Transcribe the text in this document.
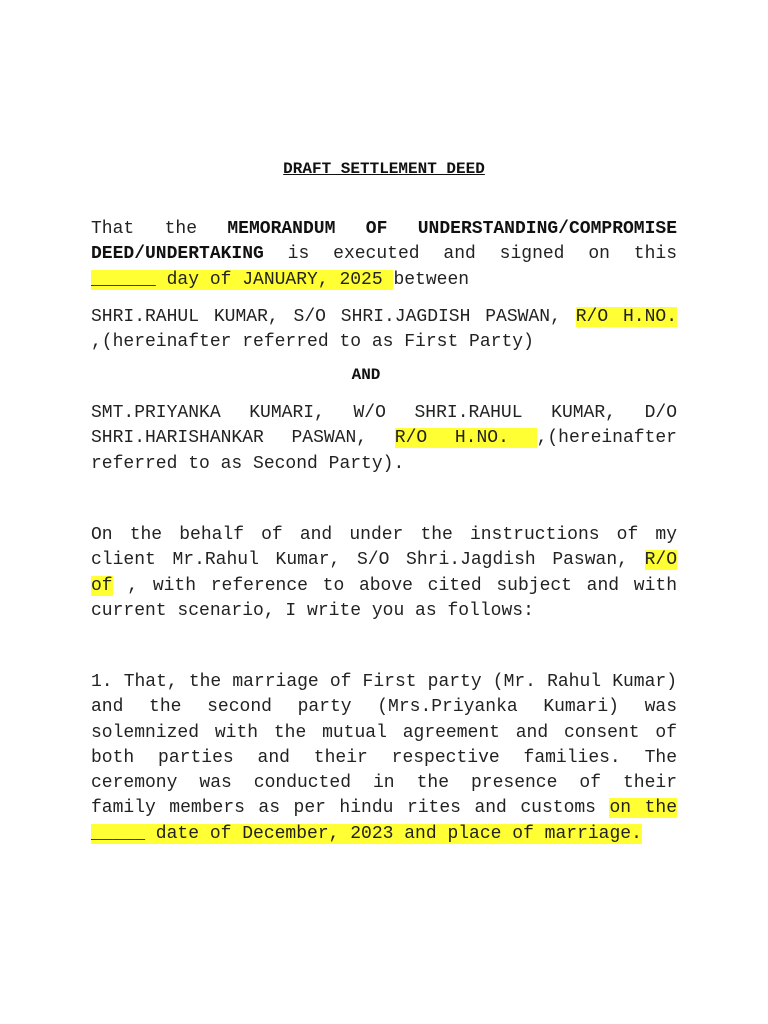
DRAFT SETTLEMENT DEED
That the MEMORANDUM OF UNDERSTANDING/COMPROMISE
DEED/UNDERTAKING is executed and signed on this
______ day of JANUARY, 2025 between
SHRI.RAHUL KUMAR, S/O SHRI.JAGDISH PASWAN, R/O H.NO.
,(hereinafter referred to as First Party)
AND
SMT.PRIYANKA KUMARI, W/O SHRI.RAHUL KUMAR, D/O
SHRI.HARISHANKAR PASWAN, R/O H.NO. ,(hereinafter
referred to as Second Party).
On the behalf of and under the instructions of my
client Mr.Rahul Kumar, S/O Shri.Jagdish Paswan, R/O
of , with reference to above cited subject and with
current scenario, I write you as follows:
1. That, the marriage of First party (Mr. Rahul Kumar)
and the second party (Mrs.Priyanka Kumari) was
solemnized with the mutual agreement and consent of
both parties and their respective families. The
ceremony was conducted in the presence of their
family members as per hindu rites and customs on the
_____ date of December, 2023 and place of marriage.
